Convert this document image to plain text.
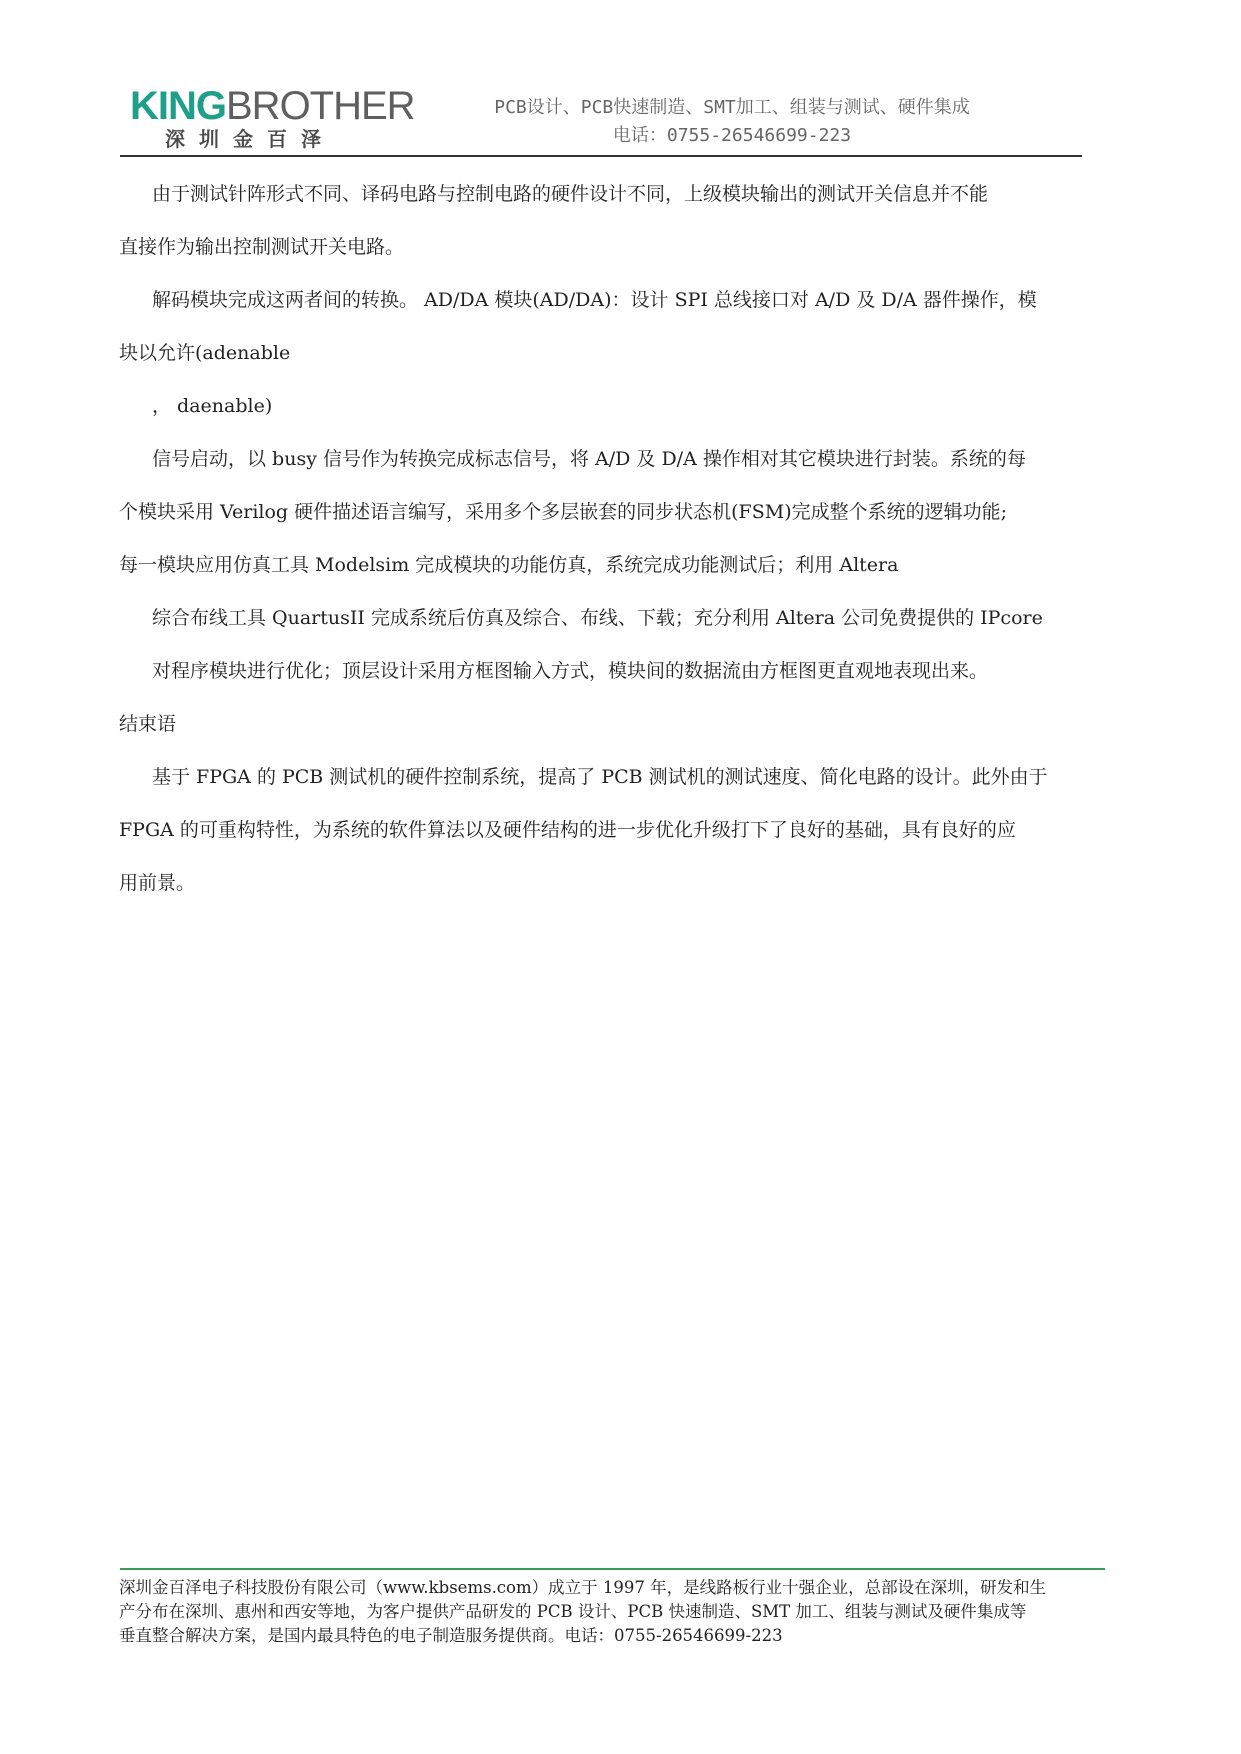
KINGBROTHER
深圳金百泽
PCB设计、PCB快速制造、SMT加工、组装与测试、硬件集成
电话：0755-26546699-223

由于测试针阵形式不同、译码电路与控制电路的硬件设计不同，上级模块输出的测试开关信息并不能

直接作为输出控制测试开关电路。

解码模块完成这两者间的转换。 AD/DA 模块(AD/DA)：设计 SPI 总线接口对 A/D 及 D/A 器件操作，模

块以允许(adenable

， daenable)

信号启动，以 busy 信号作为转换完成标志信号，将 A/D 及 D/A 操作相对其它模块进行封装。系统的每

个模块采用 Verilog 硬件描述语言编写，采用多个多层嵌套的同步状态机(FSM)完成整个系统的逻辑功能;

每一模块应用仿真工具 Modelsim 完成模块的功能仿真，系统完成功能测试后；利用 Altera

综合布线工具 QuartusII 完成系统后仿真及综合、布线、下载；充分利用 Altera 公司免费提供的 IPcore

对程序模块进行优化；顶层设计采用方框图输入方式，模块间的数据流由方框图更直观地表现出来。

结束语

基于 FPGA 的 PCB 测试机的硬件控制系统，提高了 PCB 测试机的测试速度、简化电路的设计。此外由于

FPGA 的可重构特性，为系统的软件算法以及硬件结构的进一步优化升级打下了良好的基础，具有良好的应

用前景。

深圳金百泽电子科技股份有限公司（www.kbsems.com）成立于 1997 年，是线路板行业十强企业，总部设在深圳，研发和生

产分布在深圳、惠州和西安等地，为客户提供产品研发的 PCB 设计、PCB 快速制造、SMT 加工、组装与测试及硬件集成等

垂直整合解决方案，是国内最具特色的电子制造服务提供商。电话：0755-26546699-223
